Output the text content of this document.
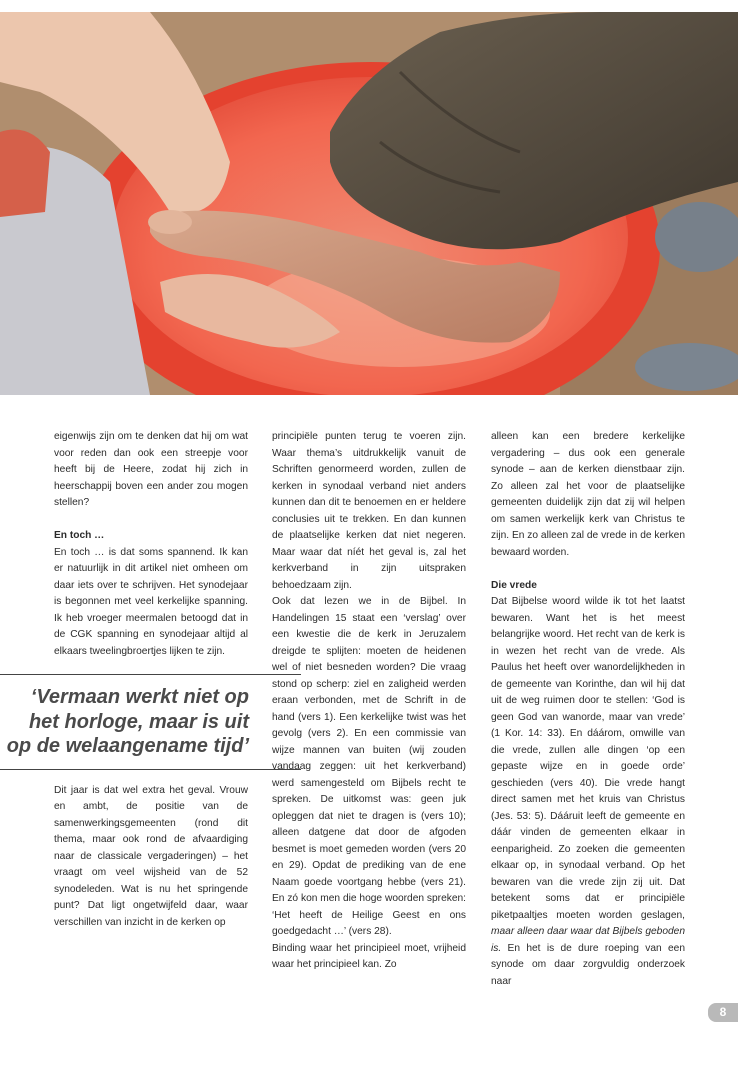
eigenwijs zijn om te denken dat hij om wat voor reden dan ook een streepje voor heeft bij de Heere, zodat hij zich in heerschappij boven een ander zou mogen stellen?

En toch …

En toch … is dat soms spannend. Ik kan er natuurlijk in dit artikel niet omheen om daar iets over te schrijven. Het synodejaar is begonnen met veel kerkelijke spanning. Ik heb vroeger meermalen betoogd dat in de CGK spanning en synodejaar altijd al elkaars tweelingbroertjes lijken te zijn.

‘Vermaan werkt niet op het horloge, maar is uit op de welaangename tijd’

Dit jaar is dat wel extra het geval. Vrouw en ambt, de positie van de samenwerkingsgemeenten (rond dit thema, maar ook rond de afvaardiging naar de classicale vergaderingen) – het vraagt om veel wijsheid van de 52 synodeleden. Wat is nu het springende punt? Dat ligt ongetwijfeld daar, waar verschillen van inzicht in de kerken op

principiële punten terug te voeren zijn. Waar thema’s uitdrukkelijk vanuit de Schriften genormeerd worden, zullen de kerken in synodaal verband niet anders kunnen dan dit te benoemen en er heldere conclusies uit te trekken. En dan kunnen de plaatselijke kerken dat niet negeren. Maar waar dat níét het geval is, zal het kerkverband in zijn uitspraken behoedzaam zijn.

Ook dat lezen we in de Bijbel. In Handelingen 15 staat een ‘verslag’ over een kwestie die de kerk in Jeruzalem dreigde te splijten: moeten de heidenen wel of niet besneden worden? Die vraag stond op scherp: ziel en zaligheid werden eraan verbonden, met de Schrift in de hand (vers 1). Een kerkelijke twist was het gevolg (vers 2). En een commissie van wijze mannen van buiten (wij zouden vandaag zeggen: uit het kerkverband) werd samengesteld om Bijbels recht te spreken. De uitkomst was: geen juk opleggen dat niet te dragen is (vers 10); alleen datgene dat door de afgoden besmet is moet gemeden worden (vers 20 en 29). Opdat de prediking van de ene Naam goede voortgang hebbe (vers 21). En zó kon men die hoge woorden spreken: ‘Het heeft de Heilige Geest en ons goedgedacht …’ (vers 28).

Binding waar het principieel moet, vrijheid waar het principieel kan. Zo

alleen kan een bredere kerkelijke vergadering – dus ook een generale synode – aan de kerken dienstbaar zijn. Zo alleen zal het voor de plaatselijke gemeenten duidelijk zijn dat zij wil helpen om samen werkelijk kerk van Christus te zijn. En zo alleen zal de vrede in de kerken bewaard worden.

Die vrede

Dat Bijbelse woord wilde ik tot het laatst bewaren. Want het is het meest belangrijke woord. Het recht van de kerk is in wezen het recht van de vrede. Als Paulus het heeft over wanordelijkheden in de gemeente van Korinthe, dan wil hij dat uit de weg ruimen door te stellen: ‘God is geen God van wanorde, maar van vrede’ (1 Kor. 14: 33). En dáárom, omwille van die vrede, zullen alle dingen ‘op een gepaste wijze en in goede orde’ geschieden (vers 40). Die vrede hangt direct samen met het kruis van Christus (Jes. 53: 5). Dááruit leeft de gemeente en dáár vinden de gemeenten elkaar in eenparigheid. Zo zoeken die gemeenten elkaar op, in synodaal verband. Op het bewaren van die vrede zijn zij uit. Dat betekent soms dat er principiële piketpaaltjes moeten worden geslagen, maar alleen daar waar dat Bijbels geboden is. En het is de dure roeping van een synode om daar zorgvuldig onderzoek naar

8
